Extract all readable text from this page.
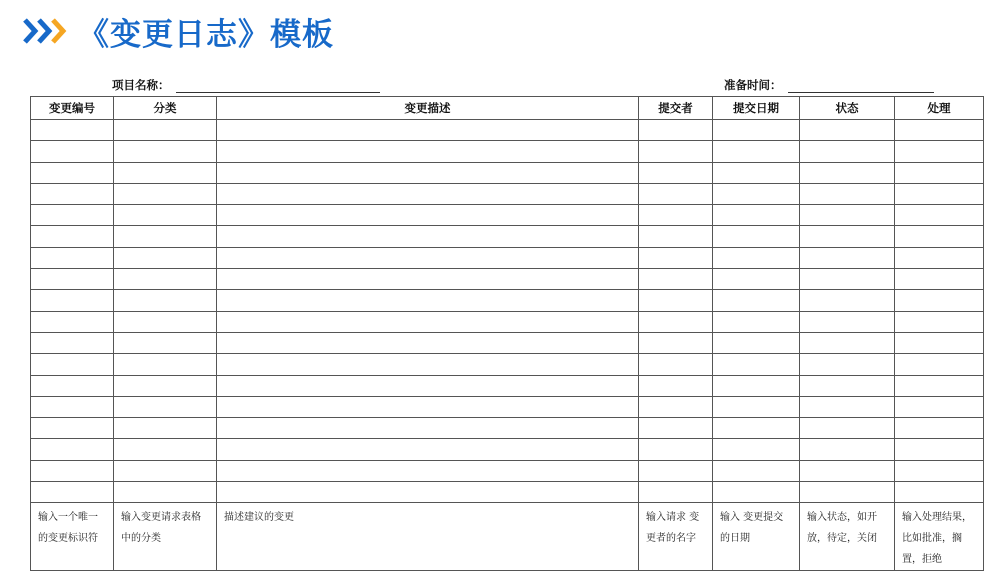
《变更日志》模板
项目名称：	准备时间：
变更编号	分类	变更描述	提交者	提交日期	状态	处理

输入一个唯一的变更标识符	输入变更请求表格中的分类	描述建议的变更	输入请求 变更者的名字	输入 变更提交的日期	输入状态，如开放，待定，关闭	输入处理结果，比如批准，搁置，拒绝
